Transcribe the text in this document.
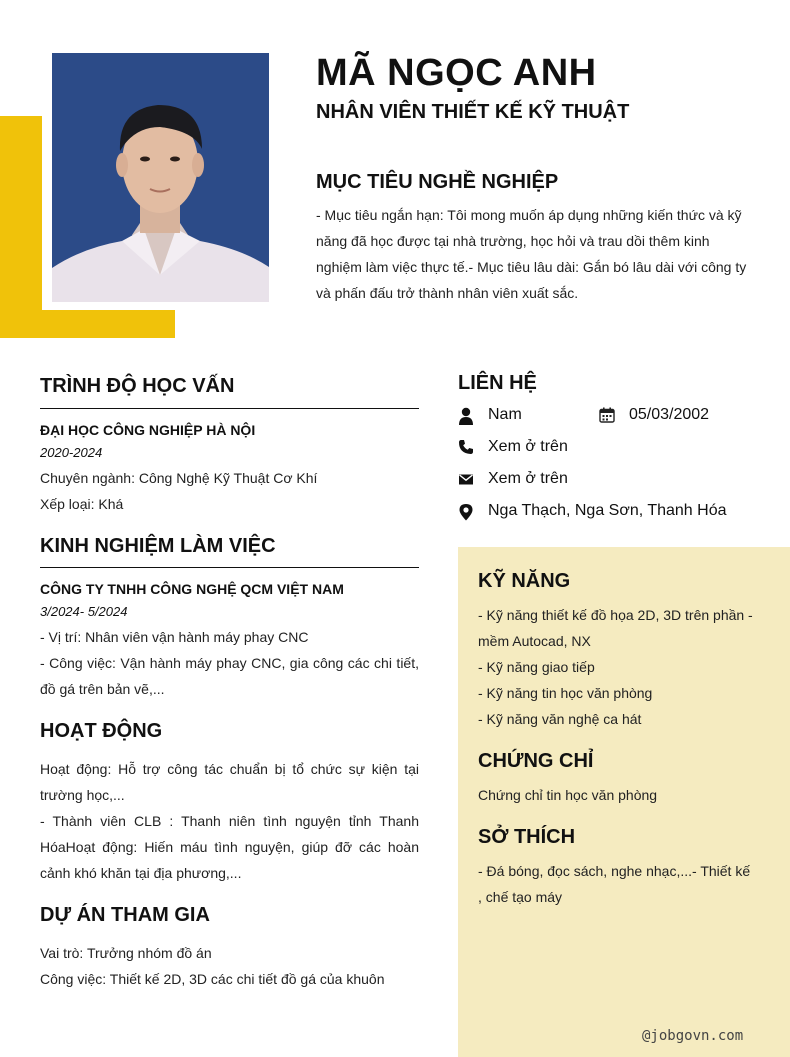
MÃ NGỌC ANH
NHÂN VIÊN THIẾT KẾ KỸ THUẬT
MỤC TIÊU NGHỀ NGHIỆP
- Mục tiêu ngắn hạn: Tôi mong muốn áp dụng những kiến thức và kỹ năng đã học được tại nhà trường, học hỏi và trau dồi thêm kinh nghiệm làm việc thực tế.- Mục tiêu lâu dài: Gắn bó lâu dài với công ty và phấn đấu trở thành nhân viên xuất sắc.
TRÌNH ĐỘ HỌC VẤN
ĐẠI HỌC CÔNG NGHIỆP HÀ NỘI
2020-2024
Chuyên ngành: Công Nghệ Kỹ Thuật Cơ Khí
Xếp loại: Khá
KINH NGHIỆM LÀM VIỆC
CÔNG TY TNHH CÔNG NGHỆ QCM VIỆT NAM
3/2024- 5/2024
- Vị trí: Nhân viên vận hành máy phay CNC
- Công việc: Vận hành máy phay CNC, gia công các chi tiết, đồ gá trên bản vẽ,...
HOẠT ĐỘNG
Hoạt động: Hỗ trợ công tác chuẩn bị tổ chức sự kiện tại trường học,...
- Thành viên CLB : Thanh niên tình nguyện tỉnh Thanh HóaHoạt động: Hiến máu tình nguyện, giúp đỡ các hoàn cảnh khó khăn tại địa phương,...
DỰ ÁN THAM GIA
Vai trò: Trưởng nhóm đồ án
Công việc: Thiết kế 2D, 3D các chi tiết đồ gá của khuôn
LIÊN HỆ
Nam	05/03/2002
Xem ở trên
Xem ở trên
Nga Thạch, Nga Sơn, Thanh Hóa
KỸ NĂNG
- Kỹ năng thiết kế đồ họa 2D, 3D trên phần - mềm Autocad, NX
- Kỹ năng giao tiếp
- Kỹ năng tin học văn phòng
- Kỹ năng văn nghệ ca hát
CHỨNG CHỈ
Chứng chỉ tin học văn phòng
SỞ THÍCH
- Đá bóng, đọc sách, nghe nhạc,...- Thiết kế , chế tạo máy
@jobgovn.com
